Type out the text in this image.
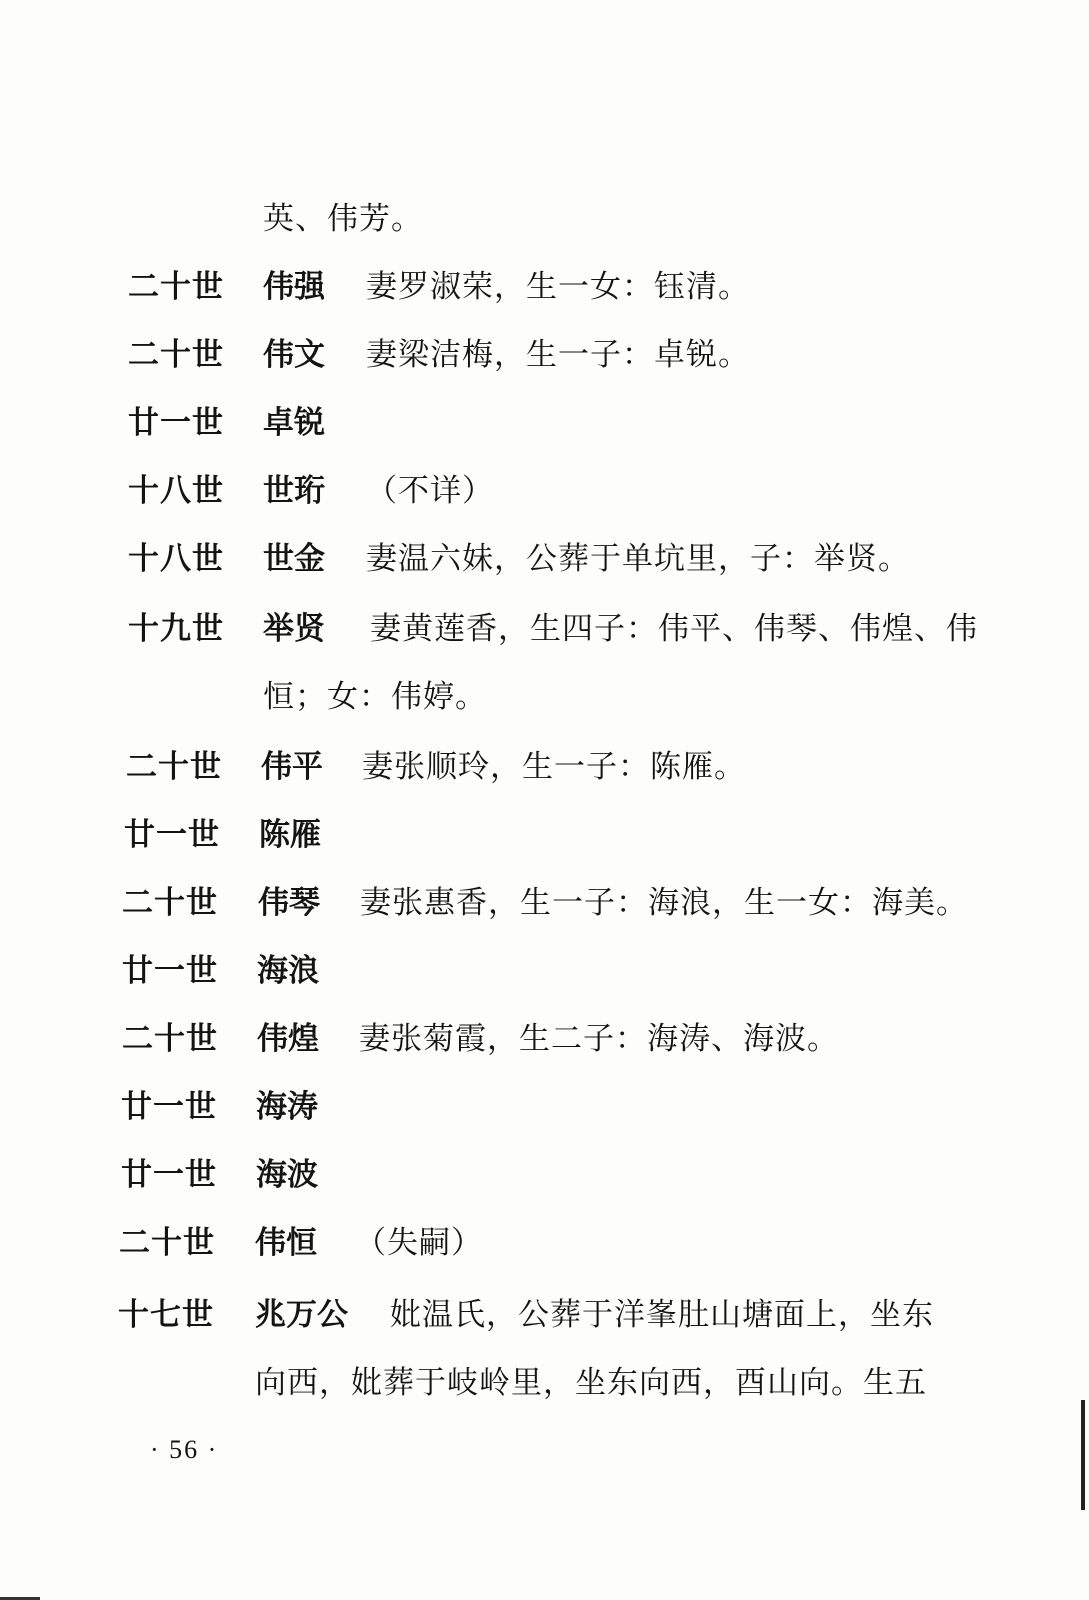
英、伟芳。
二十世 伟强 妻罗淑荣，生一女：钰清。
二十世 伟文 妻梁洁梅，生一子：卓锐。
廿一世 卓锐
十八世 世珩 （不详）
十八世 世金 妻温六妹，公葬于单坑里，子：举贤。
十九世 举贤 妻黄莲香，生四子：伟平、伟琴、伟煌、伟
恒；女：伟婷。
二十世 伟平 妻张顺玲，生一子：陈雁。
廿一世 陈雁
二十世 伟琴 妻张惠香，生一子：海浪，生一女：海美。
廿一世 海浪
二十世 伟煌 妻张菊霞，生二子：海涛、海波。
廿一世 海涛
廿一世 海波
二十世 伟恒 （失嗣）
十七世 兆万公 妣温氏，公葬于洋峯肚山塘面上，坐东
向西，妣葬于岐岭里，坐东向西，酉山向。生五
· 56 ·
